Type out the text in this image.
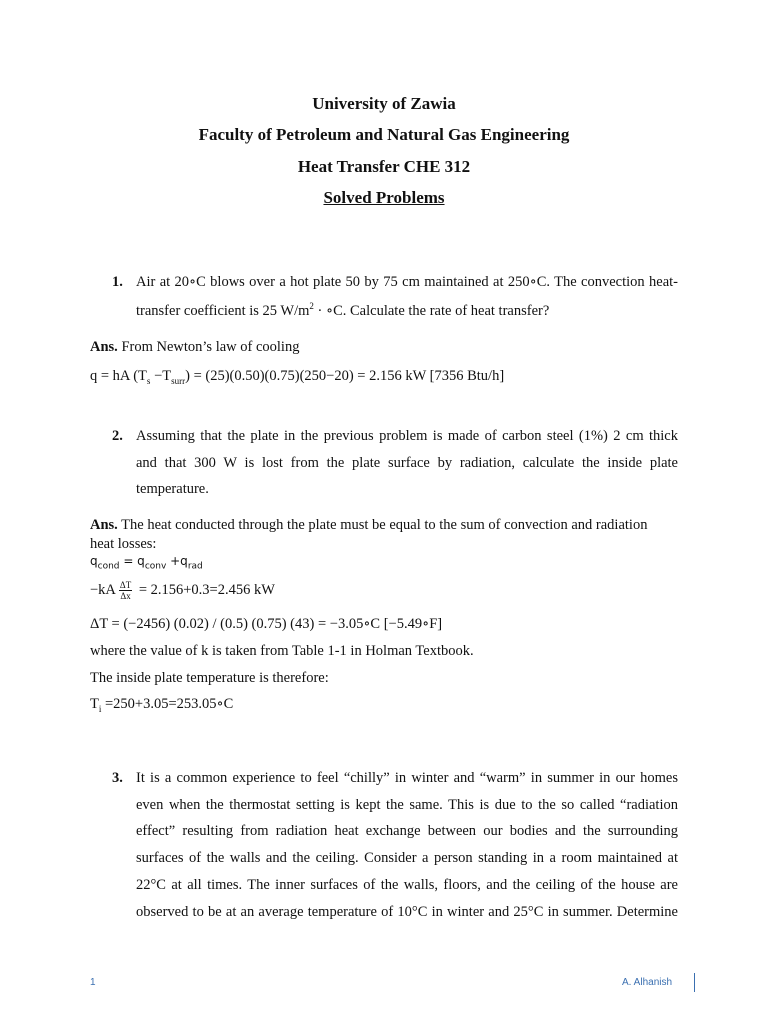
University of Zawia
Faculty of Petroleum and Natural Gas Engineering
Heat Transfer CHE 312
Solved Problems
1. Air at 20∘C blows over a hot plate 50 by 75 cm maintained at 250∘C. The convection heat-
transfer coefficient is 25 $W/m^2$ · ∘C. Calculate the rate of heat transfer?
Ans. From Newton’s law of cooling
q = hA $(T_s -T_{surr}) = (25)(0.50)(0.75)(250-20) = 2.156$ kW [7356 Btu/h]
2. Assuming that the plate in the previous problem is made of carbon steel (1%) 2 cm thick
and that 300 W is lost from the plate surface by radiation, calculate the inside plate
temperature.
Ans. The heat conducted through the plate must be equal to the sum of convection and radiation
heat losses:
$q_{cond} = q_{conv} +q_{rad}$
$-kA \frac{\Delta T}{\Delta x} = 2.156+0.3=2.456$ kW
ΔT = (−2456) (0.02) / (0.5) (0.75) (43) = −3.05∘C [−5.49∘F]
where the value of k is taken from Table 1-1 in Holman Textbook.
The inside plate temperature is therefore:
$T_i$ =250+3.05=253.05∘C
3. It is a common experience to feel “chilly” in winter and “warm” in summer in our homes
even when the thermostat setting is kept the same. This is due to the so called “radiation
effect” resulting from radiation heat exchange between our bodies and the surrounding
surfaces of the walls and the ceiling. Consider a person standing in a room maintained at
22°C at all times. The inner surfaces of the walls, floors, and the ceiling of the house are
observed to be at an average temperature of 10°C in winter and 25°C in summer. Determine
1	A. Alhanish
